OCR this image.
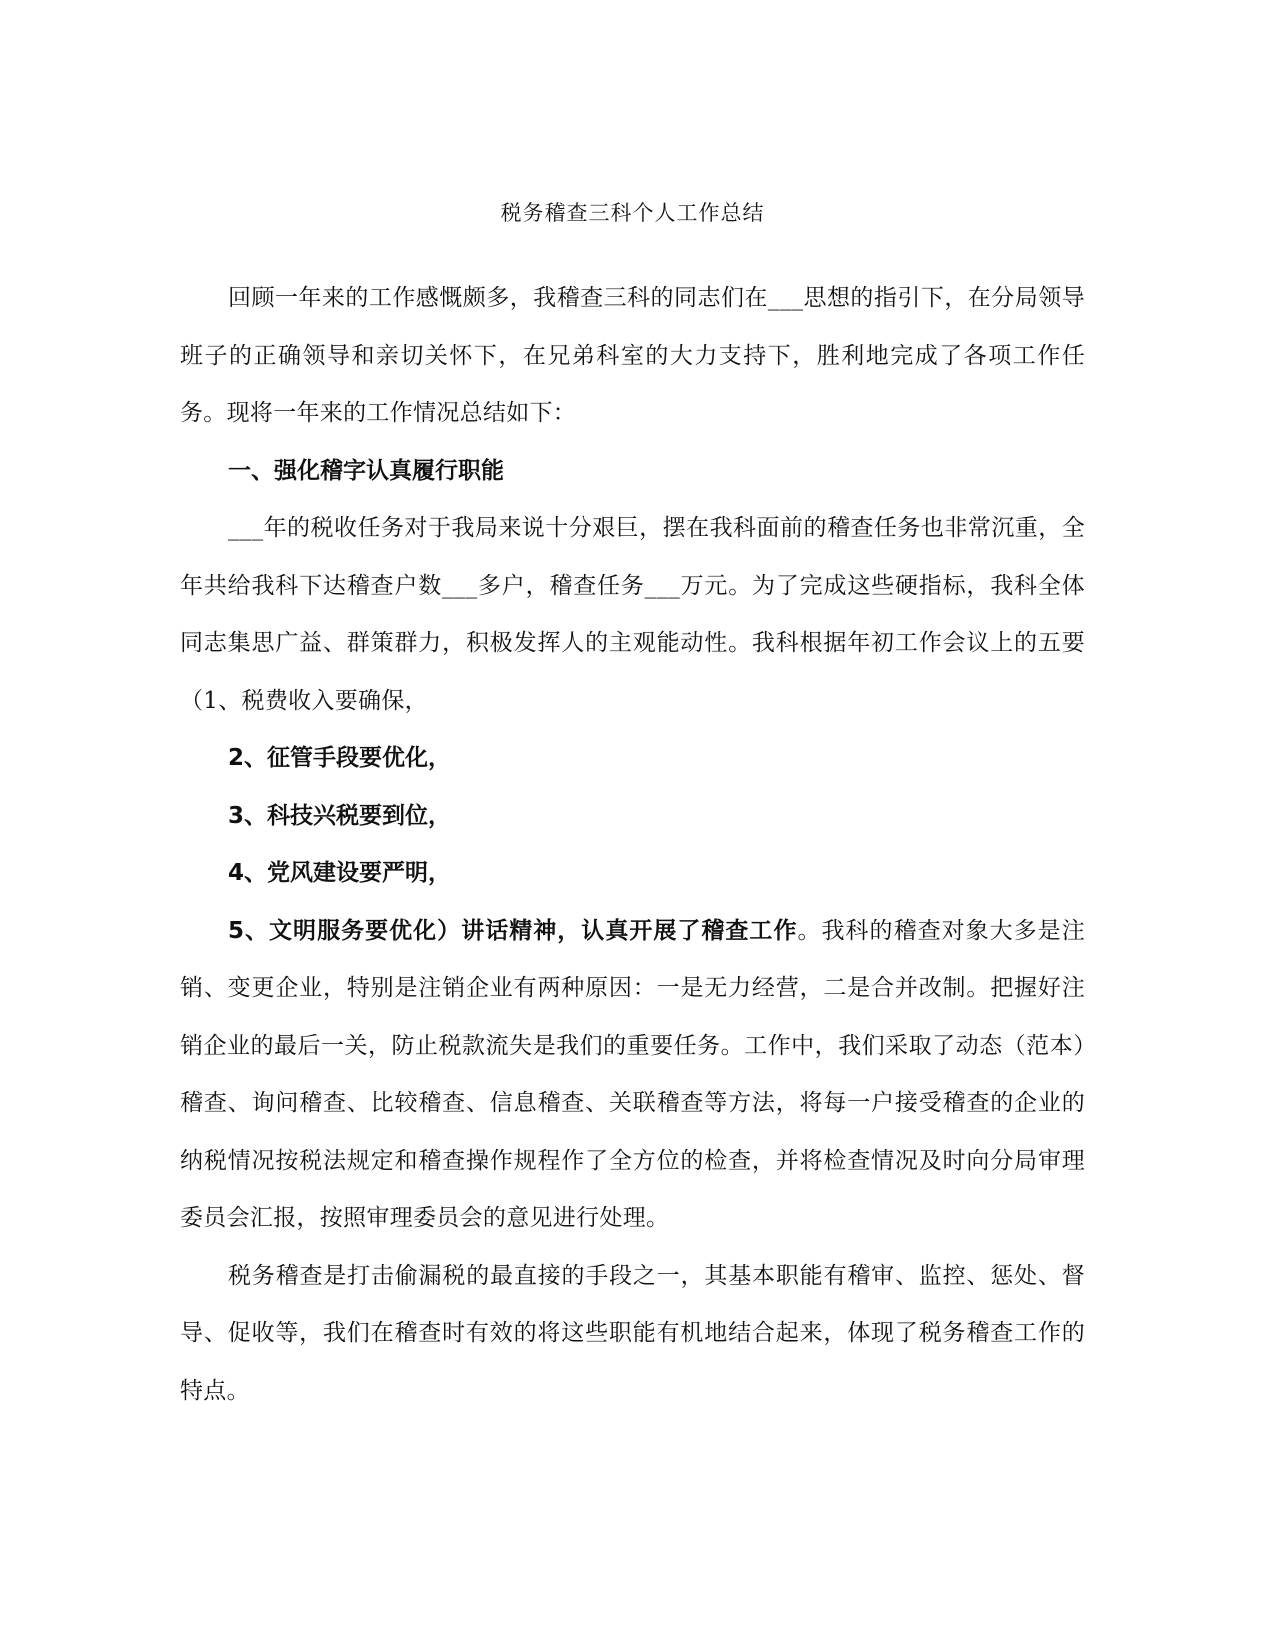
税务稽查三科个人工作总结

回顾一年来的工作感慨颇多，我稽查三科的同志们在___思想的指引下，在分局领导班子的正确领导和亲切关怀下，在兄弟科室的大力支持下，胜利地完成了各项工作任务。现将一年来的工作情况总结如下：

一、强化稽字认真履行职能

___年的税收任务对于我局来说十分艰巨，摆在我科面前的稽查任务也非常沉重，全年共给我科下达稽查户数___多户，稽查任务___万元。为了完成这些硬指标，我科全体同志集思广益、群策群力，积极发挥人的主观能动性。我科根据年初工作会议上的五要（1、税费收入要确保，

2、征管手段要优化，

3、科技兴税要到位，

4、党风建设要严明，

5、文明服务要优化）讲话精神，认真开展了稽查工作。我科的稽查对象大多是注销、变更企业，特别是注销企业有两种原因：一是无力经营，二是合并改制。把握好注销企业的最后一关，防止税款流失是我们的重要任务。工作中，我们采取了动态（范本）稽查、询问稽查、比较稽查、信息稽查、关联稽查等方法，将每一户接受稽查的企业的纳税情况按税法规定和稽查操作规程作了全方位的检查，并将检查情况及时向分局审理委员会汇报，按照审理委员会的意见进行处理。

税务稽查是打击偷漏税的最直接的手段之一，其基本职能有稽审、监控、惩处、督导、促收等，我们在稽查时有效的将这些职能有机地结合起来，体现了税务稽查工作的特点。
